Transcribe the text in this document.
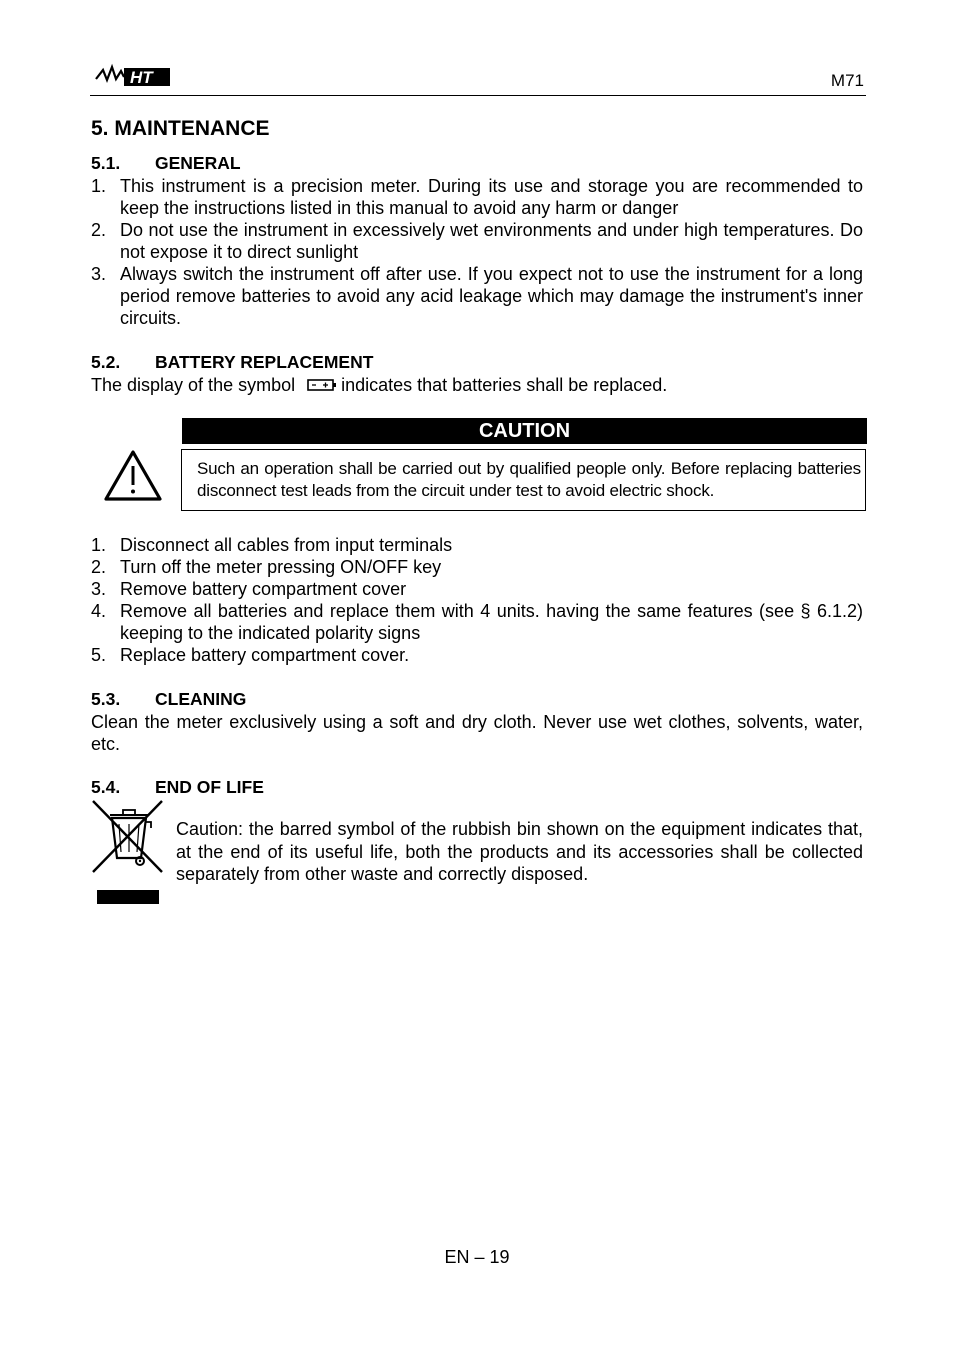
HT	M71
5. MAINTENANCE
5.1. GENERAL
1. This instrument is a precision meter. During its use and storage you are recommended to keep the instructions listed in this manual to avoid any harm or danger
2. Do not use the instrument in excessively wet environments and under high temperatures. Do not expose it to direct sunlight
3. Always switch the instrument off after use. If you expect not to use the instrument for a long period remove batteries to avoid any acid leakage which may damage the instrument's inner circuits.
5.2. BATTERY REPLACEMENT
The display of the symbol	indicates that batteries shall be replaced.
CAUTION

Such an operation shall be carried out by qualified people only. Before replacing batteries disconnect test leads from the circuit under test to avoid electric shock.

1. Disconnect all cables from input terminals
2. Turn off the meter pressing ON/OFF key
3. Remove battery compartment cover
4. Remove all batteries and replace them with 4 units. having the same features (see § 6.1.2) keeping to the indicated polarity signs
5. Replace battery compartment cover.
5.3. CLEANING
Clean the meter exclusively using a soft and dry cloth. Never use wet clothes, solvents, water, etc.
5.4. END OF LIFE
Caution: the barred symbol of the rubbish bin shown on the equipment indicates that, at the end of its useful life, both the products and its accessories shall be collected separately from other waste and correctly disposed.
EN – 19
